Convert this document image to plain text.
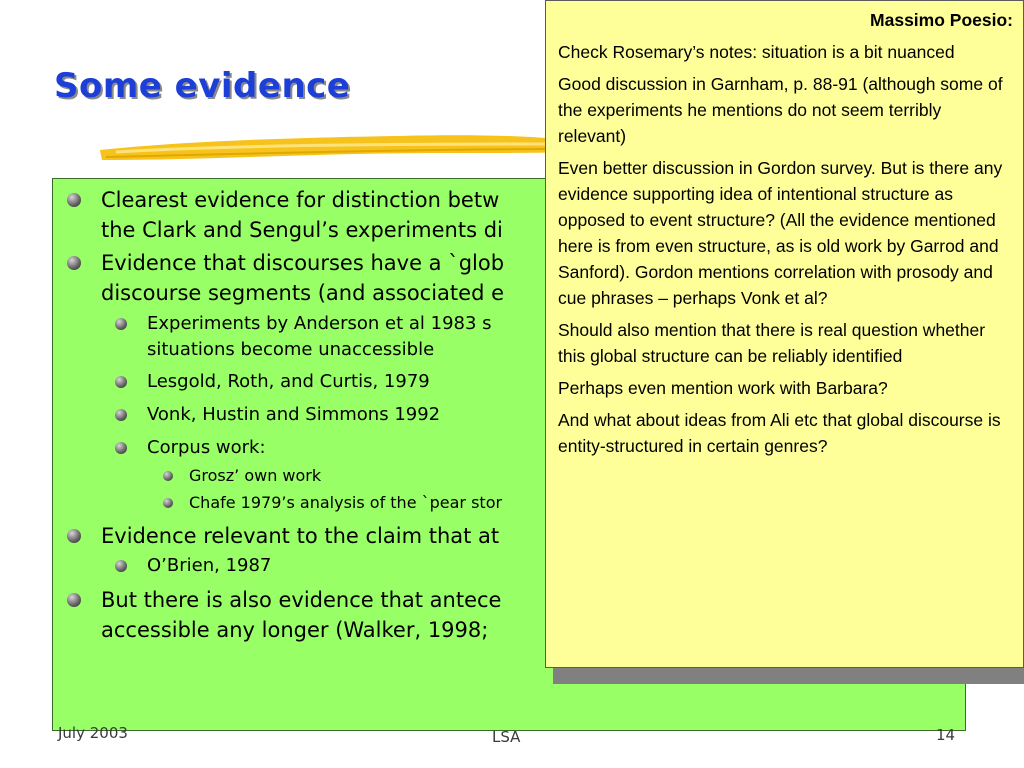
Some evidence
Clearest evidence for distinction betw
the Clark and Sengul’s experiments di
Evidence that discourses have a `glob
discourse segments (and associated e
Experiments by Anderson et al 1983 s
situations become unaccessible
Lesgold, Roth, and Curtis, 1979
Vonk, Hustin and Simmons 1992
Corpus work:
Grosz’ own work
Chafe 1979’s analysis of the `pear stor
Evidence relevant to the claim that at
O’Brien, 1987
But there is also evidence that antece
accessible any longer (Walker, 1998;
July 2003	LSA	14
Massimo Poesio:

Check Rosemary’s notes: situation is a bit nuanced

Good discussion in Garnham, p. 88-91 (although some of the experiments he mentions do not seem terribly relevant)

Even better discussion in Gordon survey. But is there any evidence supporting idea of intentional structure as opposed to event structure? (All the evidence mentioned here is from even structure, as is old work by Garrod and Sanford). Gordon mentions correlation with prosody and cue phrases – perhaps Vonk et al?

Should also mention that there is real question whether this global structure can be reliably identified

Perhaps even mention work with Barbara?

And what about ideas from Ali etc that global discourse is entity-structured in certain genres?
